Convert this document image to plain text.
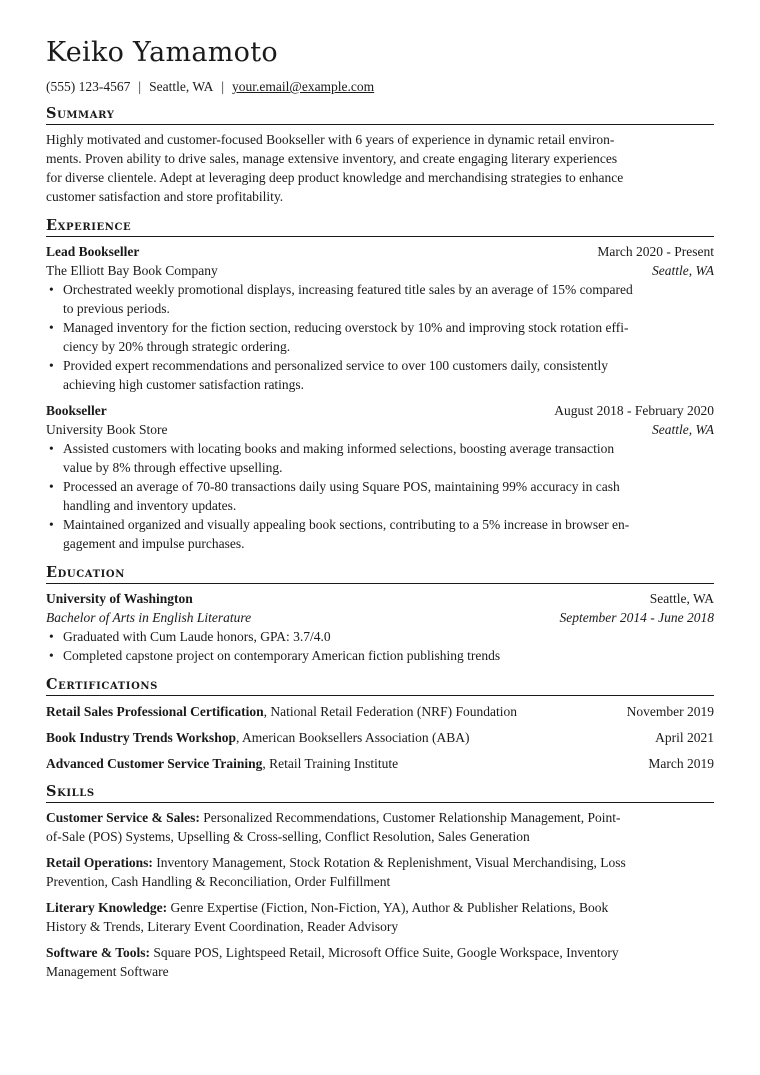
Keiko Yamamoto
(555) 123-4567 | Seattle, WA | your.email@example.com
Summary
Highly motivated and customer-focused Bookseller with 6 years of experience in dynamic retail environ-
ments. Proven ability to drive sales, manage extensive inventory, and create engaging literary experiences
for diverse clientele. Adept at leveraging deep product knowledge and merchandising strategies to enhance
customer satisfaction and store profitability.
Experience
Lead Bookseller	March 2020 - Present
The Elliott Bay Book Company	Seattle, WA
• Orchestrated weekly promotional displays, increasing featured title sales by an average of 15% compared
to previous periods.
• Managed inventory for the fiction section, reducing overstock by 10% and improving stock rotation effi-
ciency by 20% through strategic ordering.
• Provided expert recommendations and personalized service to over 100 customers daily, consistently
achieving high customer satisfaction ratings.
Bookseller	August 2018 - February 2020
University Book Store	Seattle, WA
• Assisted customers with locating books and making informed selections, boosting average transaction
value by 8% through effective upselling.
• Processed an average of 70-80 transactions daily using Square POS, maintaining 99% accuracy in cash
handling and inventory updates.
• Maintained organized and visually appealing book sections, contributing to a 5% increase in browser en-
gagement and impulse purchases.
Education
University of Washington	Seattle, WA
Bachelor of Arts in English Literature	September 2014 - June 2018
• Graduated with Cum Laude honors, GPA: 3.7/4.0
• Completed capstone project on contemporary American fiction publishing trends
Certifications
Retail Sales Professional Certification, National Retail Federation (NRF) Foundation	November 2019
Book Industry Trends Workshop, American Booksellers Association (ABA)	April 2021
Advanced Customer Service Training, Retail Training Institute	March 2019
Skills
Customer Service & Sales: Personalized Recommendations, Customer Relationship Management, Point-
of-Sale (POS) Systems, Upselling & Cross-selling, Conflict Resolution, Sales Generation
Retail Operations: Inventory Management, Stock Rotation & Replenishment, Visual Merchandising, Loss
Prevention, Cash Handling & Reconciliation, Order Fulfillment
Literary Knowledge: Genre Expertise (Fiction, Non-Fiction, YA), Author & Publisher Relations, Book
History & Trends, Literary Event Coordination, Reader Advisory
Software & Tools: Square POS, Lightspeed Retail, Microsoft Office Suite, Google Workspace, Inventory
Management Software
